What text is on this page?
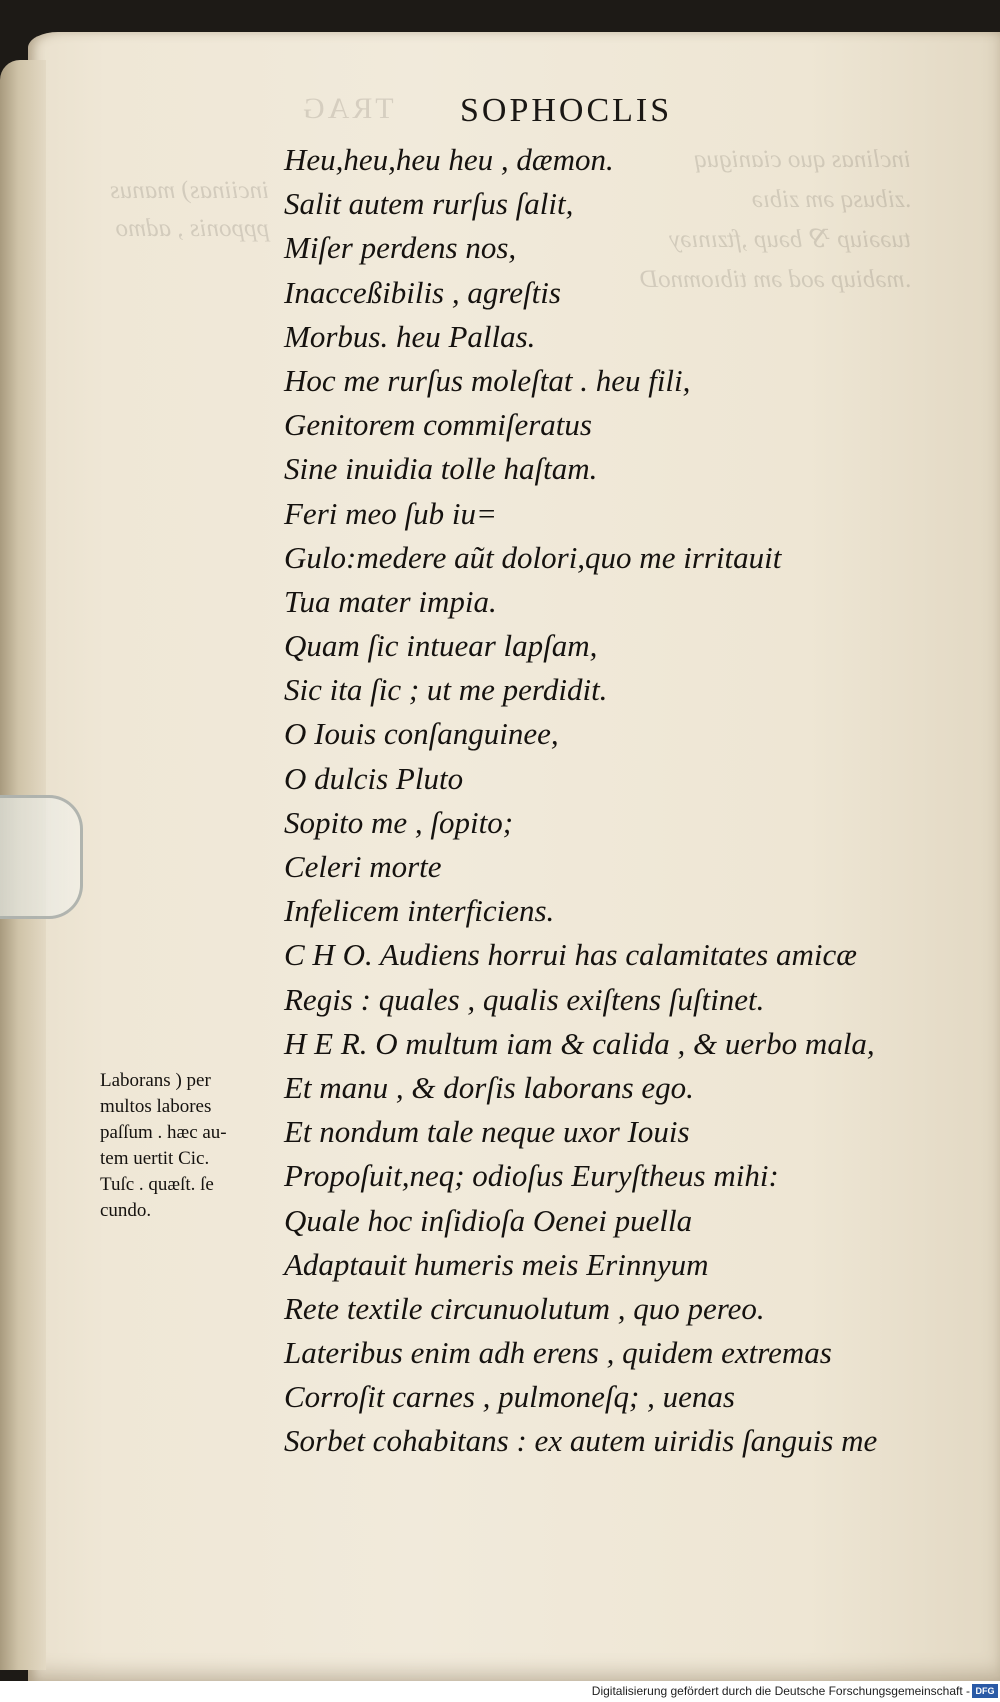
inciinas) manus
ppponis , admo
inclinas quo cianiguq
.zibusq əm zibıə
tuəəiup ⅋ bəup ,ftzınıəy
.məbiup əod əm tibıomnoD
TRAG SOPHOCLIS
Heu,heu,heu heu , dæmon.
Salit autem rurſus ſalit,
Miſer perdens nos,
Inacceßibilis , agreſtis
Morbus. heu Pallas.
Hoc me rurſus moleſtat . heu fili,
Genitorem commiſeratus
Sine inuidia tolle haſtam.
Feri meo ſub iu=
Gulo:medere aũt dolori,quo me irritauit
Tua mater impia.
Quam ſic intuear lapſam,
Sic ita ſic ; ut me perdidit.
O Iouis conſanguinee,
O dulcis Pluto
Sopito me , ſopito;
Celeri morte
Infelicem interficiens.
C H O. Audiens horrui has calamitates amicæ
Regis : quales , qualis exiſtens ſuſtinet.
H E R. O multum iam & calida , & uerbo mala,
Et manu , & dorſis laborans ego.
Et nondum tale neque uxor Iouis
Propoſuit,neq; odioſus Euryſtheus mihi:
Quale hoc inſidioſa Oenei puella
Adaptauit humeris meis Erinnyum
Rete textile circunuolutum , quo pereo.
Lateribus enim adh erens , quidem extremas
Corroſit carnes , pulmoneſq; , uenas
Sorbet cohabitans : ex autem uiridis ſanguis me
Laborans ) per
multos labores
paſſum . hæc au-
tem uertit Cic.
Tuſc . quæſt. ſe
cundo.
Digitalisierung gefördert durch die Deutsche Forschungsgemeinschaft - DFG
